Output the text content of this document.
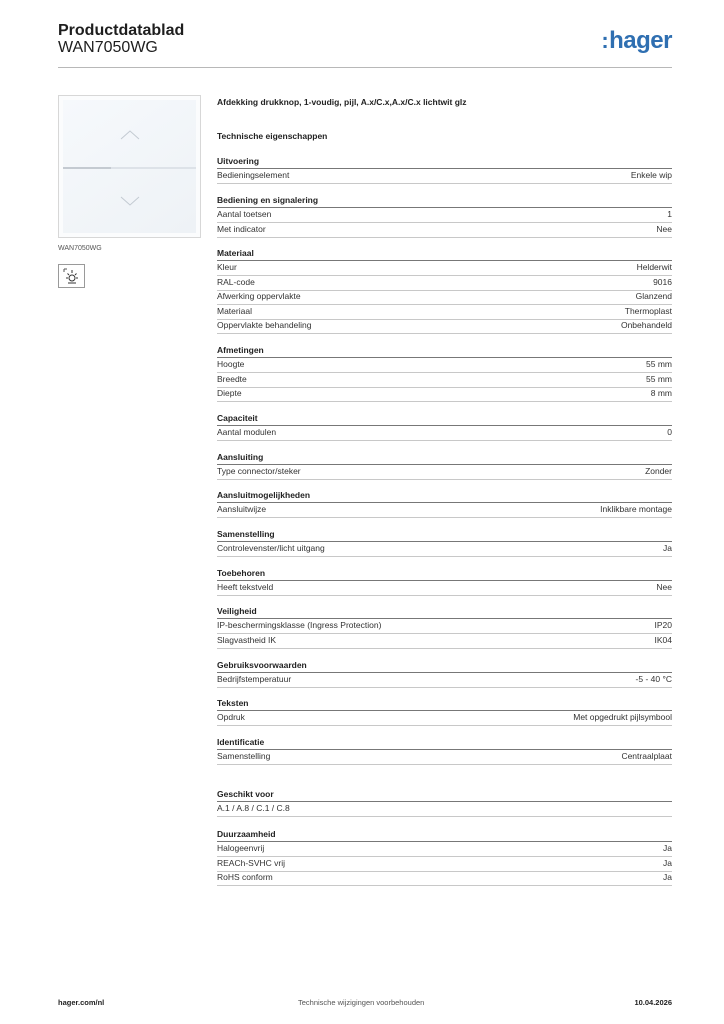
Productdatablad
WAN7050WG	:hager
WAN7050WG
Afdekking drukknop, 1-voudig, pijl, A.x/C.x,A.x/C.x lichtwit glz
Technische eigenschappen
Uitvoering
Bedieningselement	Enkele wip
Bediening en signalering
Aantal toetsen	1
Met indicator	Nee
Materiaal
Kleur	Helderwit
RAL-code	9016
Afwerking oppervlakte	Glanzend
Materiaal	Thermoplast
Oppervlakte behandeling	Onbehandeld
Afmetingen
Hoogte	55 mm
Breedte	55 mm
Diepte	8 mm
Capaciteit
Aantal modulen	0
Aansluiting
Type connector/steker	Zonder
Aansluitmogelijkheden
Aansluitwijze	Inklikbare montage
Samenstelling
Controlevenster/licht uitgang	Ja
Toebehoren
Heeft tekstveld	Nee
Veiligheid
IP-beschermingsklasse (Ingress Protection)	IP20
Slagvastheid IK	IK04
Gebruiksvoorwaarden
Bedrijfstemperatuur	-5 - 40 °C
Teksten
Opdruk	Met opgedrukt pijlsymbool
Identificatie
Samenstelling	Centraalplaat
Geschikt voor
A.1 / A.8 / C.1 / C.8
Duurzaamheid
Halogeenvrij	Ja
REACh-SVHC vrij	Ja
RoHS conform	Ja
hager.com/nl	Technische wijzigingen voorbehouden	10.04.2026
